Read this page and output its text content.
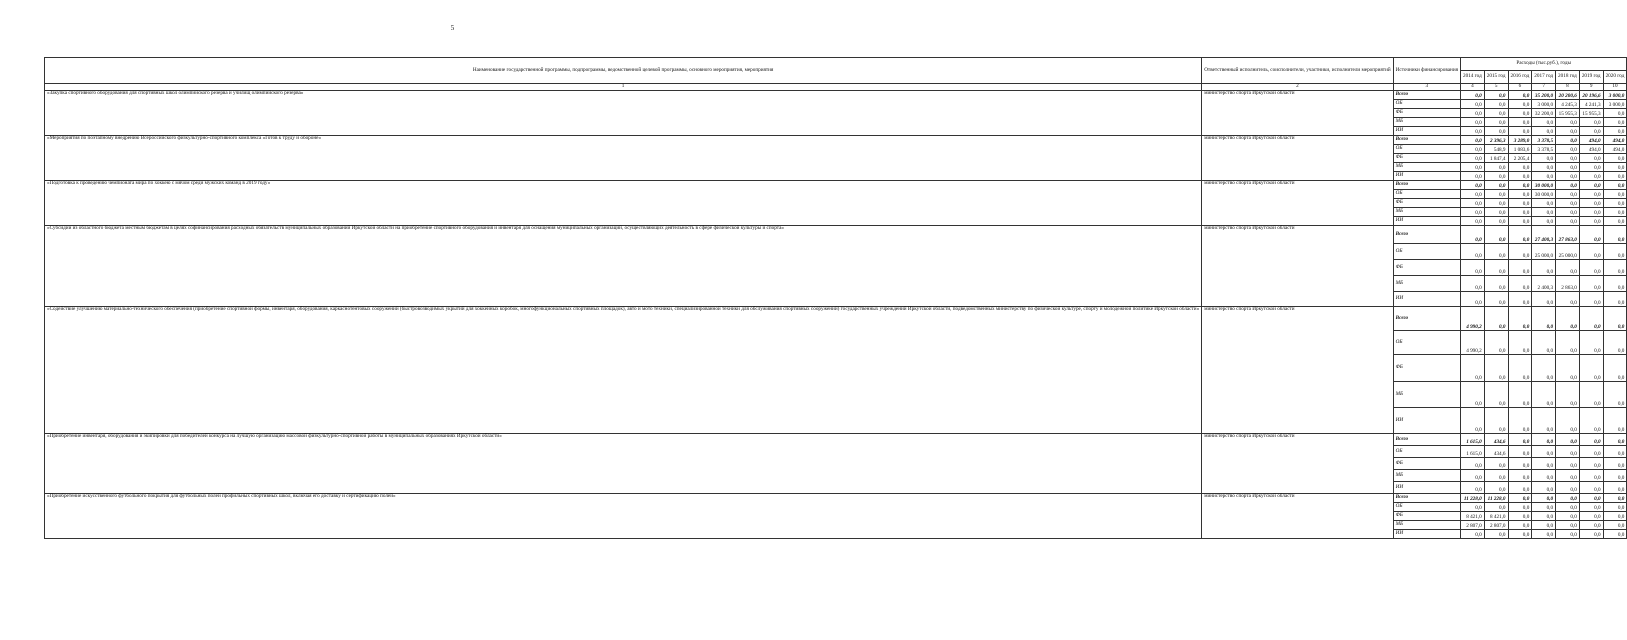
5
Наименование государственной программы, подпрограммы, ведомственной целевой программы, основного мероприятия, мероприятия	Ответственный исполнитель, соисполнители, участники, исполнители мероприятий	Источники финансирования	Расходы (тыс.руб.), годы						
			2014 год	2015 год	2016 год	2017 год	2018 год	2019 год	2020 год
1	2	3	4	5	6	7	8	9	10
«Закупка спортивного оборудования для спортивных школ олимпийского резерва и училищ олимпийского резерва»	министерство спорта Иркутской области	Всего	0,0	0,0	0,0	35 200,0	20 200,6	20 196,6	3 000,0
		ОБ	0,0	0,0	0,0	3 000,0	4 245,3	4 241,3	3 000,0
		ФБ	0,0	0,0	0,0	32 200,0	15 955,3	15 955,3	0,0
		МБ	0,0	0,0	0,0	0,0	0,0	0,0	0,0
		ИИ	0,0	0,0	0,0	0,0	0,0	0,0	0,0
«Мероприятия по поэтапному внедрению Всероссийского физкультурно-спортивного комплекса «Готов к труду и обороне»	министерство спорта Иркутской области	Всего	0,0	2 396,3	3 289,0	3 378,5	0,0	494,0	494,0
		ОБ	0,0	548,9	1 083,6	3 378,5	0,0	494,0	494,0
		ФБ	0,0	1 847,4	2 205,4	0,0	0,0	0,0	0,0
		МБ	0,0	0,0	0,0	0,0	0,0	0,0	0,0
		ИИ	0,0	0,0	0,0	0,0	0,0	0,0	0,0
«Подготовка к проведению чемпионата мира по хоккею с мячом среди мужских команд в 2019 году»	министерство спорта Иркутской области	Всего	0,0	0,0	0,0	30 000,0	0,0	0,0	0,0
		ОБ	0,0	0,0	0,0	30 000,0	0,0	0,0	0,0
		ФБ	0,0	0,0	0,0	0,0	0,0	0,0	0,0
		МБ	0,0	0,0	0,0	0,0	0,0	0,0	0,0
		ИИ	0,0	0,0	0,0	0,0	0,0	0,0	0,0
«Субсидии из областного бюджета местным бюджетам в целях софинансирования расходных обязательств муниципальных образований Иркутской области на приобретение спортивного оборудования и инвентаря для оснащения муниципальных организаций, осуществляющих деятельность в сфере физической культуры и спорта»	министерство спорта Иркутской области	Всего	0,0	0,0	0,0	27 400,3	27 863,0	0,0	0,0
		ОБ	0,0	0,0	0,0	25 000,0	25 000,0	0,0	0,0
		ФБ	0,0	0,0	0,0	0,0	0,0	0,0	0,0
		МБ	0,0	0,0	0,0	2 400,3	2 863,0	0,0	0,0
		ИИ	0,0	0,0	0,0	0,0	0,0	0,0	0,0
«Содействие улучшению материально-технического обеспечения (приобретение спортивной формы, инвентаря, оборудования, каркаснотентовых сооружений (быстровозводимых укрытий для хоккейных коробок, многофункциональных спортивных площадок), авто и мото техники, специализированной техники для обслуживания спортивных сооружений) государственных учреждений Иркутской области, подведомственных министерству по физической культуре, спорту и молодежной политике Иркутской области»	министерство спорта Иркутской области	Всего	4 990,2	0,0	0,0	0,0	0,0	0,0	0,0
		ОБ	4 990,2	0,0	0,0	0,0	0,0	0,0	0,0
		ФБ	0,0	0,0	0,0	0,0	0,0	0,0	0,0
		МБ	0,0	0,0	0,0	0,0	0,0	0,0	0,0
		ИИ	0,0	0,0	0,0	0,0	0,0	0,0	0,0
«Приобретение инвентаря, оборудования и экипировки для победителей конкурса на лучшую организацию массовой физкультурно-спортивной работы в муниципальных образованиях Иркутской области»	министерство спорта Иркутской области	Всего	1 615,0	434,6	0,0	0,0	0,0	0,0	0,0
		ОБ	1 615,0	434,6	0,0	0,0	0,0	0,0	0,0
		ФБ	0,0	0,0	0,0	0,0	0,0	0,0	0,0
		МБ	0,0	0,0	0,0	0,0	0,0	0,0	0,0
		ИИ	0,0	0,0	0,0	0,0	0,0	0,0	0,0
«Приобретение искусственного футбольного покрытия для футбольных полей профильных спортивных школ, включая его доставку и сертификацию полей»	министерство спорта Иркутской области	Всего	11 228,0	11 228,0	0,0	0,0	0,0	0,0	0,0
		ОБ	0,0	0,0	0,0	0,0	0,0	0,0	0,0
		ФБ	8 421,0	8 421,0	0,0	0,0	0,0	0,0	0,0
		МБ	2 807,0	2 807,0	0,0	0,0	0,0	0,0	0,0
		ИИ	0,0	0,0	0,0	0,0	0,0	0,0	0,0
